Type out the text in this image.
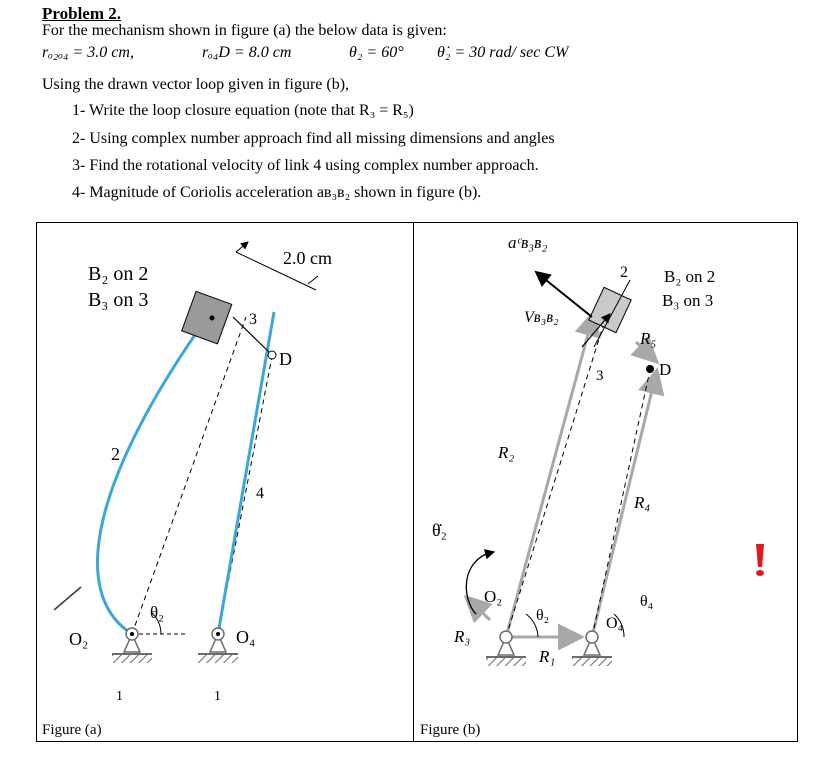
Problem 2.
For the mechanism shown in figure (a) the below data is given:
rₒ₂ₒ₄ = 3.0 cm,	rₒ₄D = 8.0 cm	θ₂ = 60° θ̇₂ = 30 rad/ sec CW
Using the drawn vector loop given in figure (b),
1- Write the loop closure equation (note that R₃ = R₅)
2- Using complex number approach find all missing dimensions and angles
3- Find the rotational velocity of link 4 using complex number approach.
4- Magnitude of Coriolis acceleration aʙ₃ʙ₂ shown in figure (b).
2.0 cm
B₂ on 2
B₃ on 3
3
D
2
4
θ₂
O₂
1
O₄
1
Figure (a)
aᶜʙ₃ʙ₂
Vʙ₃ʙ₂
B₂ on 2
B₃ on 3
2
3
R₅
D
R₂
R₄
θ̇₂
θ₂
θ₄
O₂
R₃
R₁
O₄
Figure (b)
